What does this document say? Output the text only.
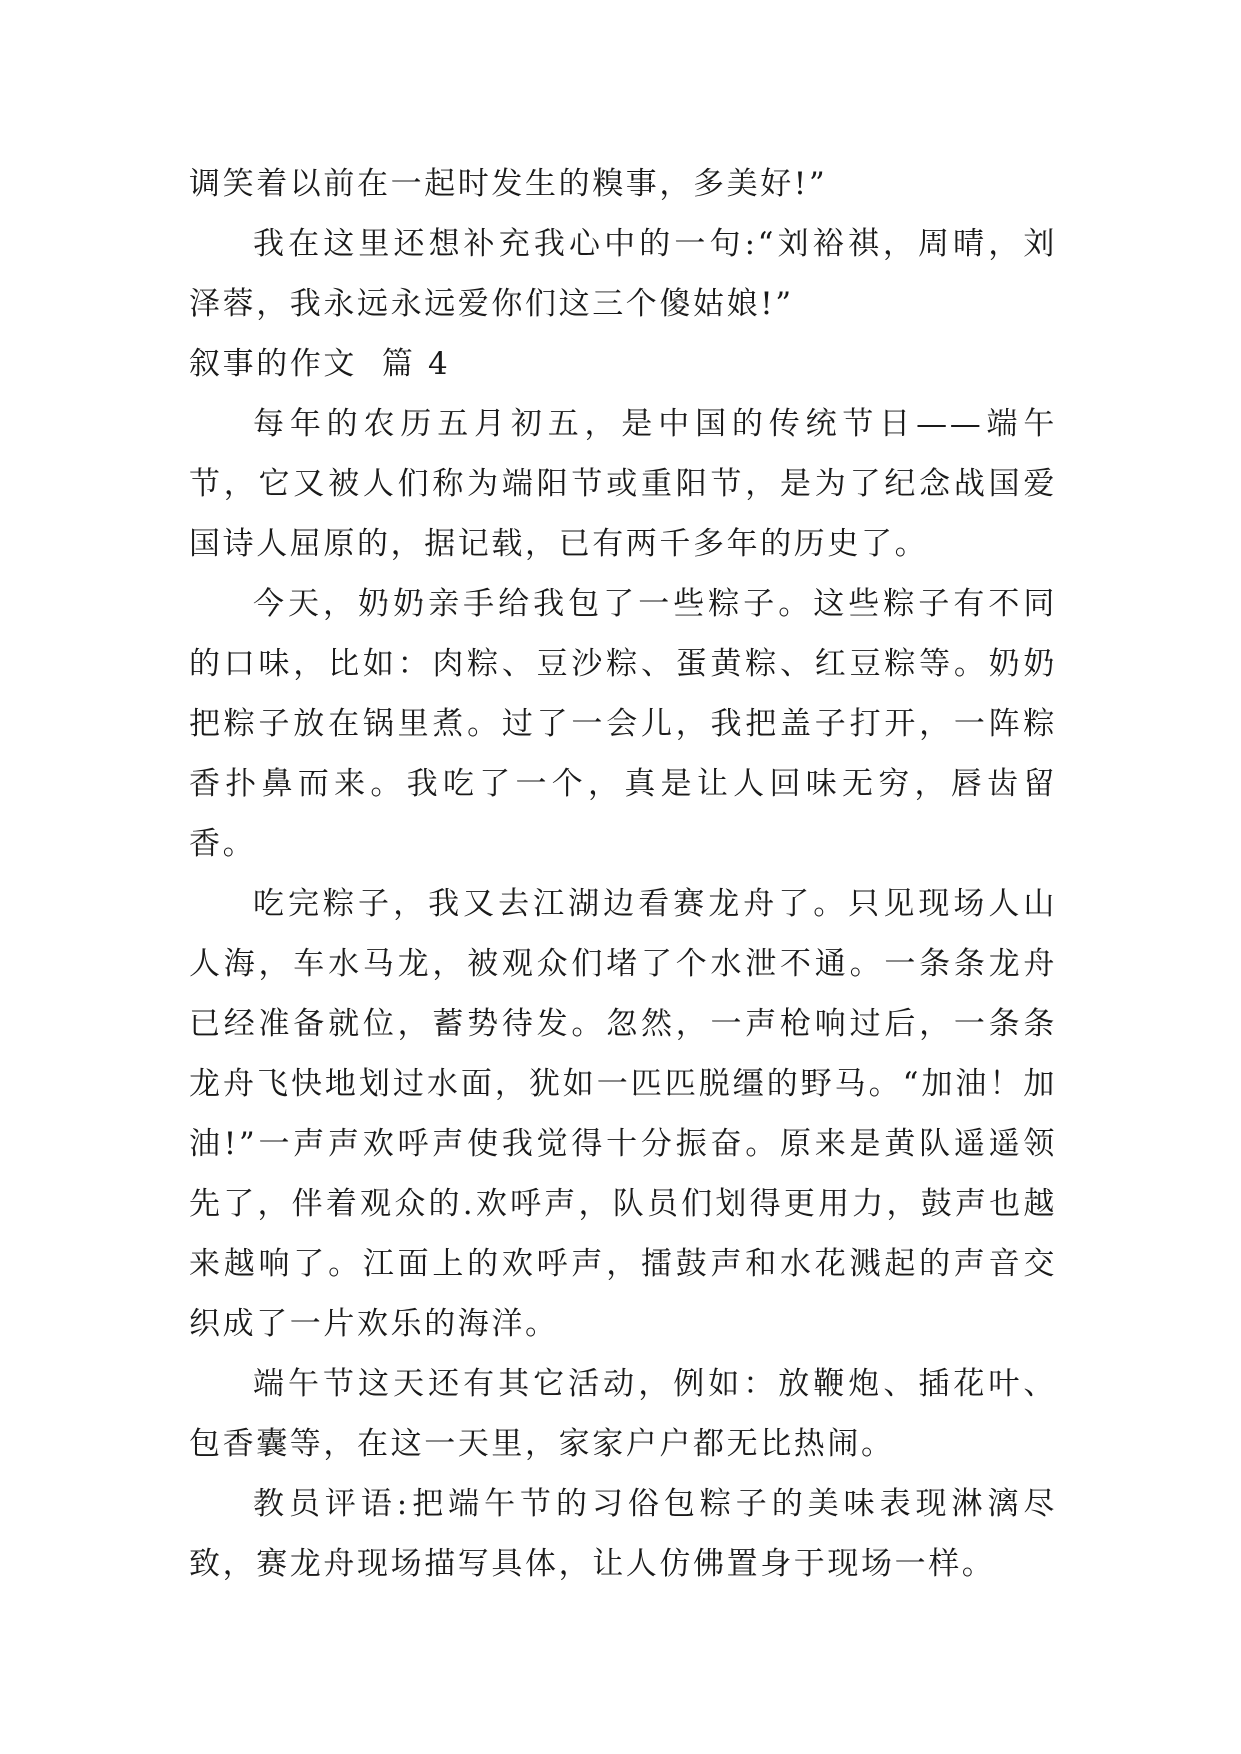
调笑着以前在一起时发生的糗事，多美好!”

我在这里还想补充我心中的一句:“刘裕祺，周晴，刘泽蓉，我永远永远爱你们这三个傻姑娘!”

叙事的作文  篇 4

每年的农历五月初五，是中国的传统节日——端午节，它又被人们称为端阳节或重阳节，是为了纪念战国爱国诗人屈原的，据记载，已有两千多年的历史了。

今天，奶奶亲手给我包了一些粽子。这些粽子有不同的口味，比如：肉粽、豆沙粽、蛋黄粽、红豆粽等。奶奶把粽子放在锅里煮。过了一会儿，我把盖子打开，一阵粽香扑鼻而来。我吃了一个，真是让人回味无穷，唇齿留香。

吃完粽子，我又去江湖边看赛龙舟了。只见现场人山人海，车水马龙，被观众们堵了个水泄不通。一条条龙舟已经准备就位，蓄势待发。忽然，一声枪响过后，一条条龙舟飞快地划过水面，犹如一匹匹脱缰的野马。“加油！加油!”一声声欢呼声使我觉得十分振奋。原来是黄队遥遥领先了，伴着观众的.欢呼声，队员们划得更用力，鼓声也越来越响了。江面上的欢呼声，擂鼓声和水花溅起的声音交织成了一片欢乐的海洋。

端午节这天还有其它活动，例如：放鞭炮、插花叶、包香囊等，在这一天里，家家户户都无比热闹。

教员评语:把端午节的习俗包粽子的美味表现淋漓尽致，赛龙舟现场描写具体，让人仿佛置身于现场一样。
